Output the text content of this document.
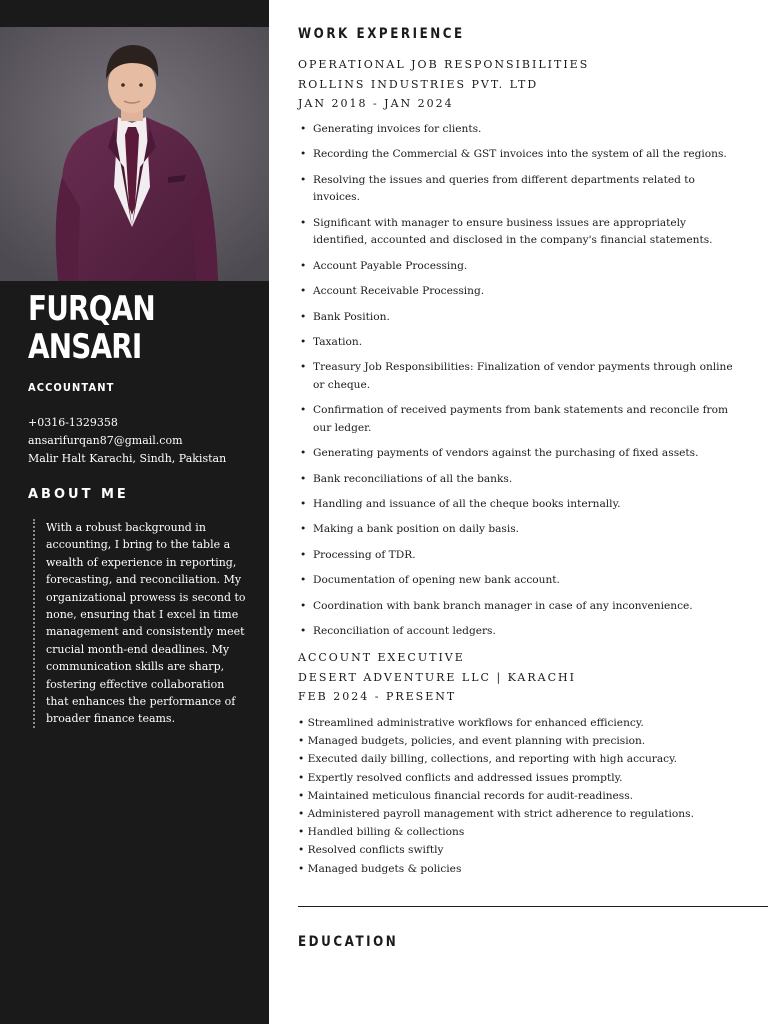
FURQAN
ANSARI
ACCOUNTANT
+0316-1329358
ansarifurqan87@gmail.com
Malir Halt Karachi, Sindh, Pakistan
ABOUT ME
With a robust background in accounting, I bring to the table a wealth of experience in reporting, forecasting, and reconciliation. My organizational prowess is second to none, ensuring that I excel in time management and consistently meet crucial month-end deadlines. My communication skills are sharp, fostering effective collaboration that enhances the performance of broader finance teams.
WORK EXPERIENCE
OPERATIONAL JOB RESPONSIBILITIES
ROLLINS INDUSTRIES PVT. LTD
JAN 2018 - JAN 2024
• Generating invoices for clients.
• Recording the Commercial & GST invoices into the system of all the regions.
• Resolving the issues and queries from different departments related to invoices.
• Significant with manager to ensure business issues are appropriately identified, accounted and disclosed in the company's financial statements.
• Account Payable Processing.
• Account Receivable Processing.
• Bank Position.
• Taxation.
• Treasury Job Responsibilities: Finalization of vendor payments through online or cheque.
• Confirmation of received payments from bank statements and reconcile from our ledger.
• Generating payments of vendors against the purchasing of fixed assets.
• Bank reconciliations of all the banks.
• Handling and issuance of all the cheque books internally.
• Making a bank position on daily basis.
• Processing of TDR.
• Documentation of opening new bank account.
• Coordination with bank branch manager in case of any inconvenience.
• Reconciliation of account ledgers.
ACCOUNT EXECUTIVE
DESERT ADVENTURE LLC | KARACHI
FEB 2024 - PRESENT
• Streamlined administrative workflows for enhanced efficiency.
• Managed budgets, policies, and event planning with precision.
• Executed daily billing, collections, and reporting with high accuracy.
• Expertly resolved conflicts and addressed issues promptly.
• Maintained meticulous financial records for audit-readiness.
• Administered payroll management with strict adherence to regulations.
• Handled billing & collections
• Resolved conflicts swiftly
• Managed budgets & policies
EDUCATION
